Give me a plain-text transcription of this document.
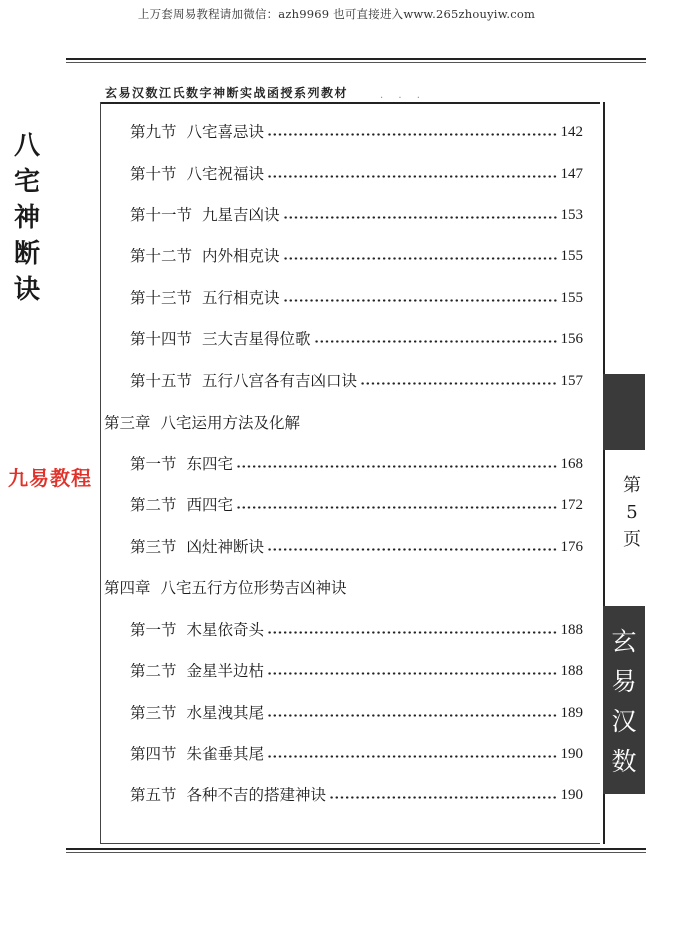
上万套周易教程请加微信：azh9969 也可直接进入www.265zhouyiw.com
玄易汉数江氏数字神断实战函授系列教材	. . .
第九节 八宅喜忌诀	142
第十节 八宅祝福诀	147
第十一节 九星吉凶诀	153
第十二节 内外相克诀	155
第十三节 五行相克诀	155
第十四节 三大吉星得位歌	156
第十五节 五行八宫各有吉凶口诀	157
第三章 八宅运用方法及化解
第一节 东四宅	168
第二节 西四宅	172
第三节 凶灶神断诀	176
第四章 八宅五行方位形势吉凶神诀
第一节 木星依奇头	188
第二节 金星半边枯	188
第三节 水星洩其尾	189
第四节 朱雀垂其尾	190
第五节 各种不吉的搭建神诀	190
九易教程
八
宅
神
断
诀
第
5
页
玄
易
汉
数
